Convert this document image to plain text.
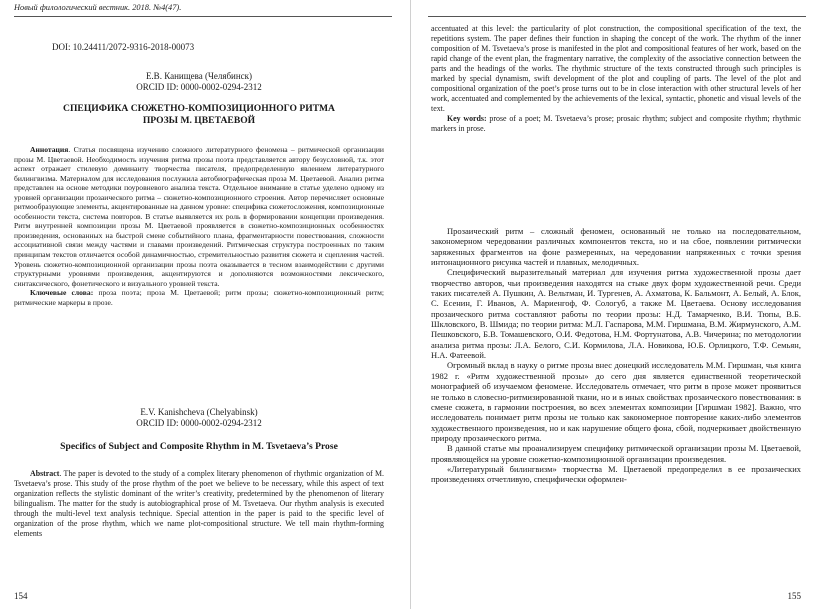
Новый филологический вестник. 2018. №4(47).
DOI: 10.24411/2072-9316-2018-00073
Е.В. Канищева (Челябинск)
ORCID ID: 0000-0002-0294-2312
СПЕЦИФИКА СЮЖЕТНО-КОМПОЗИЦИОННОГО РИТМА
ПРОЗЫ М. ЦВЕТАЕВОЙ

Аннотация. Статья посвящена изучению сложного литературного феномена – ритмической организации прозы М. Цветаевой. Необходимость изучения ритма прозы поэта представляется автору безусловной, т.к. этот аспект отражает стилевую доминанту творчества писателя, предопределенную явлением литературного билингвизма. Материалом для исследования послужила автобиографическая проза М. Цветаевой. Анализ ритма представлен на основе методики поуровневого анализа текста. Отдельное внимание в статье уделено одному из уровней организации прозаического ритма – сюжетно-композиционного строения. Автор перечисляет основные ритмообразующие элементы, акцентированные на данном уровне: специфика сюжетосложения, композиционные особенности текста, система повторов. В статье выявляется их роль в формировании концепции произведения. Ритм внутренней композиции прозы М. Цветаевой проявляется в сюжетно-композиционных особенностях произведения, основанных на быстрой смене событийного плана, фрагментарности повествования, сложности ассоциативной связи между частями и главами произведений. Ритмическая структура построенных по таким принципам текстов отличается особой динамичностью, стремительностью развития сюжета и сцепления частей. Уровень сюжетно-композиционной организации прозы поэта оказывается в тесном взаимодействии с другими структурными уровнями произведения, акцентируются и дополняются возможностями лексического, синтаксического, фонетического и визуального уровней текста.

Ключевые слова: проза поэта; проза М. Цветаевой; ритм прозы; сюжетно-композиционный ритм; ритмические маркеры в прозе.

E.V. Kanishcheva (Chelyabinsk)
ORCID ID: 0000-0002-0294-2312
Specifics of Subject and Composite Rhythm in M. Tsvetaeva’s Prose

Abstract. The paper is devoted to the study of a complex literary phenomenon of rhythmic organization of M. Tsvetaeva’s prose. This study of the prose rhythm of the poet we believe to be necessary, while this aspect of text organization reflects the stylistic dominant of the writer’s creativity, predetermined by the phenomenon of literary bilingualism. The matter for the study is autobiographical prose of M. Tsvetaeva. Our rhythm analysis is executed through the multi-level text analysis technique. Special attention in the paper is paid to the specific level of organization of the prose rhythm, which we name plot-compositional structure. We tell main rhythm-forming elements

154

accentuated at this level: the particularity of plot construction, the compositional specification of the text, the repetitions system. The paper defines their function in shaping the concept of the work. The rhythm of the inner composition of M. Tsvetaeva’s prose is manifested in the plot and compositional features of her work, based on the rapid change of the event plan, the fragmentary narrative, the complexity of the associative connection between the parts and the headings of the works. The rhythmic structure of the texts constructed through such principles is marked by special dynamism, swift development of the plot and coupling of parts. The level of the plot and compositional organization of the poet’s prose turns out to be in close interaction with other structural levels of her work, accentuated and complemented by the achievements of the lexical, syntactic, phonetic and visual levels of the text.

Key words: prose of a poet; M. Tsvetaeva’s prose; prosaic rhythm; subject and composite rhythm; rhythmic markers in prose.

Прозаический ритм – сложный феномен, основанный не только на последовательном, закономерном чередовании различных компонентов текста, но и на сбое, появлении ритмически заряженных фрагментов на фоне размеренных, на чередовании напряженных с точки зрения интонационного рисунка частей и плавных, мелодичных.

Специфический выразительный материал для изучения ритма художественной прозы дает творчество авторов, чьи произведения находятся на стыке двух форм художественной речи. Среди таких писателей А. Пушкин, А. Вельтман, И. Тургенев, А. Ахматова, К. Бальмонт, А. Белый, А. Блок, С. Есенин, Г. Иванов, А. Мариенгоф, Ф. Сологуб, а также М. Цветаева. Основу исследования прозаического ритма составляют работы по теории прозы: Н.Д. Тамарченко, В.И. Тюпы, В.Б. Шкловского, В. Шмида; по теории ритма: М.Л. Гаспарова, М.М. Гиршмана, В.М. Жирмунского, А.М. Пешковского, Б.В. Томашевского, О.И. Федотова, Н.М. Фортунатова, А.В. Чичерина; по методологии анализа ритма прозы: Л.А. Белого, С.И. Кормилова, Л.А. Новикова, Ю.Б. Орлицкого, Т.Ф. Семьян, Н.А. Фатеевой.

Огромный вклад в науку о ритме прозы внес донецкий исследователь М.М. Гиршман, чья книга 1982 г. «Ритм художественной прозы» до сего дня является единственной теоретической монографией об изучаемом феномене. Исследователь отмечает, что ритм в прозе может проявиться не только в словесно-ритмизированной ткани, но и в иных свойствах прозаического повествования: в смене сюжета, в гармонии построения, во всех элементах композиции [Гиршман 1982]. Важно, что исследователь понимает ритм прозы не только как закономерное повторение каких-либо элементов художественного произведения, но и как нарушение общего фона, сбой, подчеркивает двойственную природу прозаического ритма.

В данной статье мы проанализируем специфику ритмической организации прозы М. Цветаевой, проявляющейся на уровне сюжетно-композиционной организации произведения.

«Литературный билингвизм» творчества М. Цветаевой предопределил в ее прозаических произведениях отчетливую, специфически оформлен-

155
